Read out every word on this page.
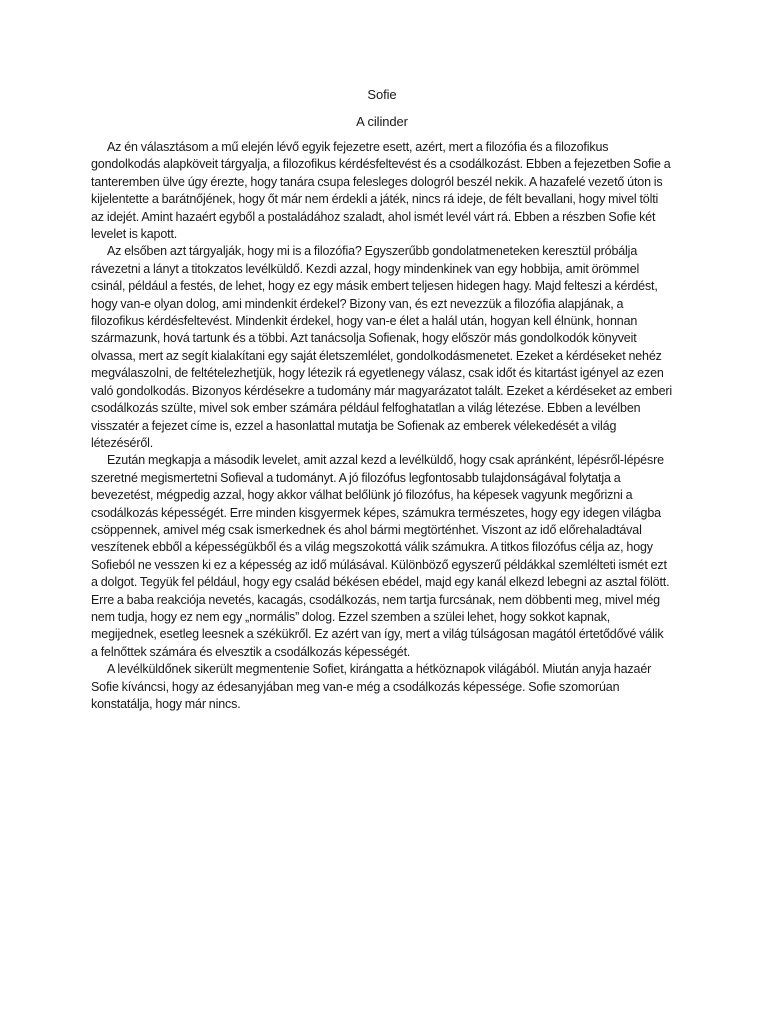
Sofie
A cilinder

Az én választásom a mű elején lévő egyik fejezetre esett, azért, mert a filozófia és a filozofikus gondolkodás alapköveit tárgyalja, a filozofikus kérdésfeltevést és a csodálkozást. Ebben a fejezetben Sofie a tanteremben ülve úgy érezte, hogy tanára csupa felesleges dologról beszél nekik. A hazafelé vezető úton is kijelentette a barátnőjének, hogy őt már nem érdekli a játék, nincs rá ideje, de félt bevallani, hogy mivel tölti az idejét. Amint hazaért egyből a postaládához szaladt, ahol ismét levél várt rá. Ebben a részben Sofie két levelet is kapott.

Az elsőben azt tárgyalják, hogy mi is a filozófia? Egyszerűbb gondolatmeneteken keresztül próbálja rávezetni a lányt a titokzatos levélküldő. Kezdi azzal, hogy mindenkinek van egy hobbija, amit örömmel csinál, például a festés, de lehet, hogy ez egy másik embert teljesen hidegen hagy. Majd felteszi a kérdést, hogy van-e olyan dolog, ami mindenkit érdekel? Bizony van, és ezt nevezzük a filozófia alapjának, a filozofikus kérdésfeltevést. Mindenkit érdekel, hogy van-e élet a halál után, hogyan kell élnünk, honnan származunk, hová tartunk és a többi. Azt tanácsolja Sofienak, hogy először más gondolkodók könyveit olvassa, mert az segít kialakítani egy saját életszemlélet, gondolkodásmenetet. Ezeket a kérdéseket nehéz megválaszolni, de feltételezhetjük, hogy létezik rá egyetlenegy válasz, csak időt és kitartást igényel az ezen való gondolkodás. Bizonyos kérdésekre a tudomány már magyarázatot talált. Ezeket a kérdéseket az emberi csodálkozás szülte, mivel sok ember számára például felfoghatatlan a világ létezése. Ebben a levélben visszatér a fejezet címe is, ezzel a hasonlattal mutatja be Sofienak az emberek vélekedését a világ létezéséről.

Ezután megkapja a második levelet, amit azzal kezd a levélküldő, hogy csak apránként, lépésről-lépésre szeretné megismertetni Sofieval a tudományt. A jó filozófus legfontosabb tulajdonságával folytatja a bevezetést, mégpedig azzal, hogy akkor válhat belőlünk jó filozófus, ha képesek vagyunk megőrizni a csodálkozás képességét. Erre minden kisgyermek képes, számukra természetes, hogy egy idegen világba csöppennek, amivel még csak ismerkednek és ahol bármi megtörténhet. Viszont az idő előrehaladtával veszítenek ebből a képességükből és a világ megszokottá válik számukra. A titkos filozófus célja az, hogy Sofieból ne vesszen ki ez a képesség az idő múlásával. Különböző egyszerű példákkal szemlélteti ismét ezt a dolgot. Tegyük fel például, hogy egy család békésen ebédel, majd egy kanál elkezd lebegni az asztal fölött. Erre a baba reakciója nevetés, kacagás, csodálkozás, nem tartja furcsának, nem döbbenti meg, mivel még nem tudja, hogy ez nem egy „normális” dolog. Ezzel szemben a szülei lehet, hogy sokkot kapnak, megijednek, esetleg leesnek a székükről. Ez azért van így, mert a világ túlságosan magától értetődővé válik a felnőttek számára és elvesztik a csodálkozás képességét.

A levélküldőnek sikerült megmentenie Sofiet, kirángatta a hétköznapok világából. Miután anyja hazaér Sofie kíváncsi, hogy az édesanyjában meg van-e még a csodálkozás képessége. Sofie szomorúan konstatálja, hogy már nincs.
